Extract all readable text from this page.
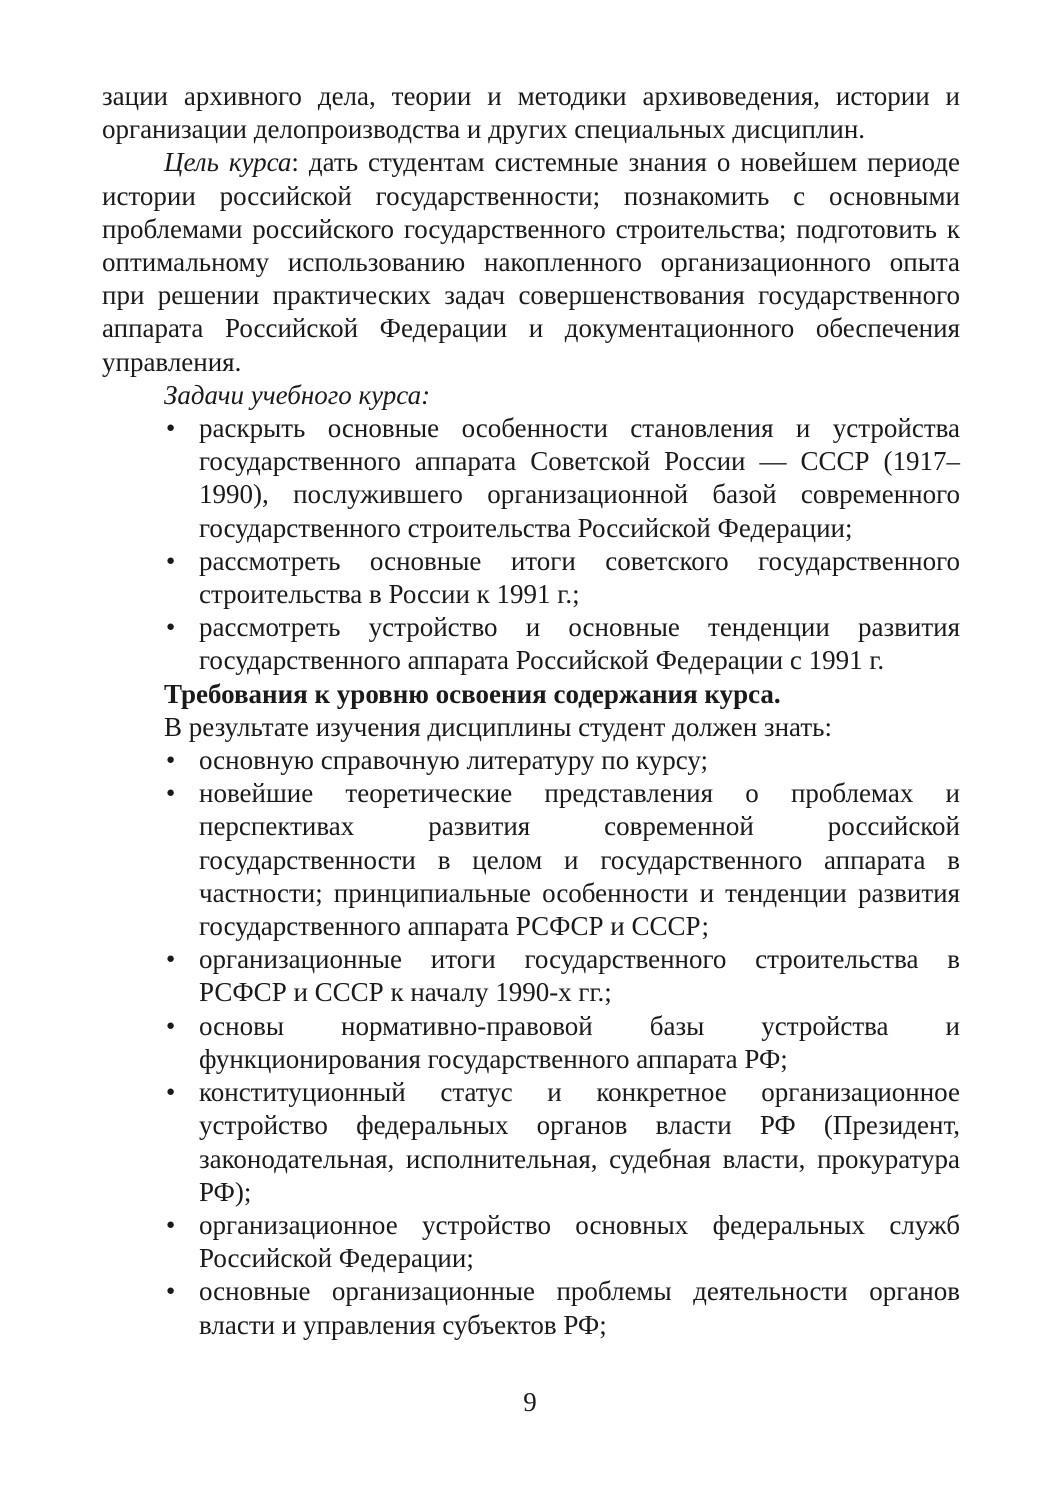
зации архивного дела, теории и методики архивоведения, истории и организации делопроизводства и других специальных дисциплин.

Цель курса: дать студентам системные знания о новейшем периоде истории российской государственности; познакомить с основными проблемами российского государственного строительства; подготовить к оптимальному использованию накопленного организационного опыта при решении практических задач совершенствования государственного аппарата Российской Федерации и документационного обеспечения управления.

Задачи учебного курса:

● раскрыть основные особенности становления и устройства государственного аппарата Советской России — СССР (1917–1990), послужившего организационной базой современного государственного строительства Российской Федерации;
● рассмотреть основные итоги советского государственного строительства в России к 1991 г.;
● рассмотреть устройство и основные тенденции развития государственного аппарата Российской Федерации с 1991 г.

Требования к уровню освоения содержания курса.

В результате изучения дисциплины студент должен знать:

● основную справочную литературу по курсу;
● новейшие теоретические представления о проблемах и перспективах развития современной российской государственности в целом и государственного аппарата в частности; принципиальные особенности и тенденции развития государственного аппарата РСФСР и СССР;
● организационные итоги государственного строительства в РСФСР и СССР к началу 1990-х гг.;
● основы нормативно-правовой базы устройства и функционирования государственного аппарата РФ;
● конституционный статус и конкретное организационное устройство федеральных органов власти РФ (Президент, законодательная, исполнительная, судебная власти, прокуратура РФ);
● организационное устройство основных федеральных служб Российской Федерации;
● основные организационные проблемы деятельности органов власти и управления субъектов РФ;
9
